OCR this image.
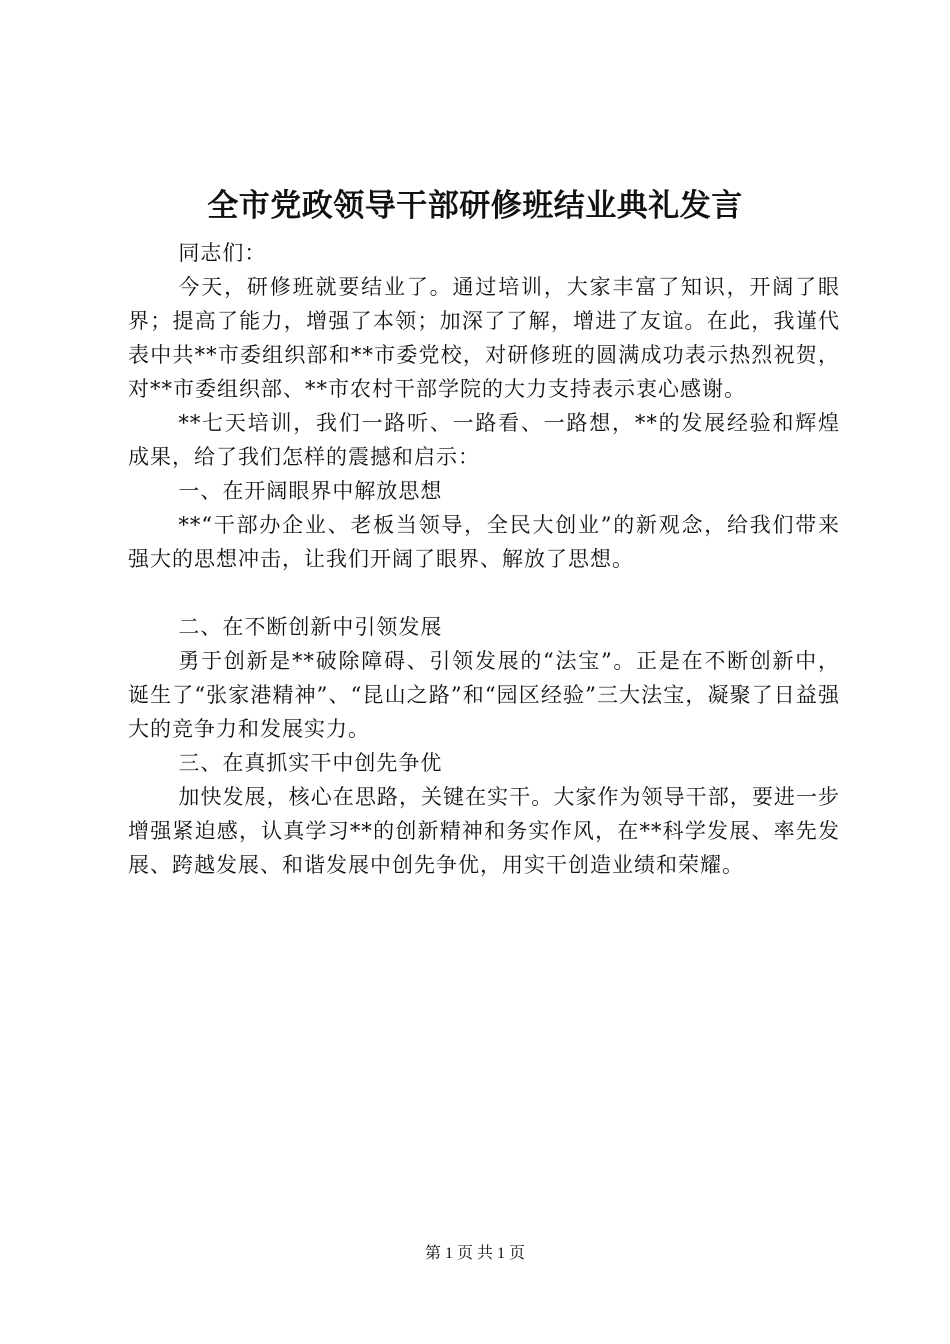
全市党政领导干部研修班结业典礼发言

同志们：

今天，研修班就要结业了。通过培训，大家丰富了知识，开阔了眼界；提高了能力，增强了本领；加深了了解，增进了友谊。在此，我谨代表中共**市委组织部和**市委党校，对研修班的圆满成功表示热烈祝贺，对**市委组织部、**市农村干部学院的大力支持表示衷心感谢。

**七天培训，我们一路听、一路看、一路想，**的发展经验和辉煌成果，给了我们怎样的震撼和启示：

一、在开阔眼界中解放思想

**“干部办企业、老板当领导，全民大创业”的新观念，给我们带来强大的思想冲击，让我们开阔了眼界、解放了思想。

二、在不断创新中引领发展

勇于创新是**破除障碍、引领发展的“法宝”。正是在不断创新中，诞生了“张家港精神”、“昆山之路”和“园区经验”三大法宝，凝聚了日益强大的竞争力和发展实力。

三、在真抓实干中创先争优

加快发展，核心在思路，关键在实干。大家作为领导干部，要进一步增强紧迫感，认真学习**的创新精神和务实作风，在**科学发展、率先发展、跨越发展、和谐发展中创先争优，用实干创造业绩和荣耀。

第 1 页 共 1 页
